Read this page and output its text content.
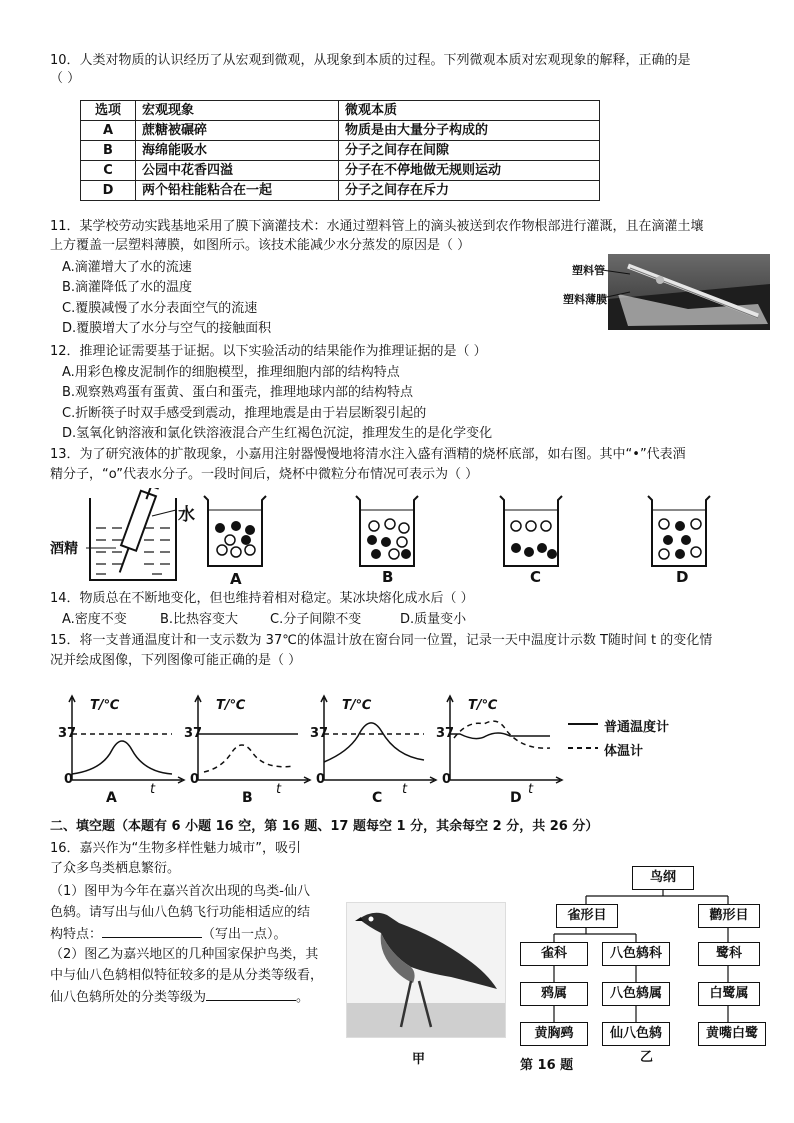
10．人类对物质的认识经历了从宏观到微观，从现象到本质的过程。下列微观本质对宏观现象的解释，正确的是
（ ）
选项	宏观现象	微观本质
A	蔗糖被碾碎	物质是由大量分子构成的
B	海绵能吸水	分子之间存在间隙
C	公园中花香四溢	分子在不停地做无规则运动
D	两个铅柱能粘合在一起	分子之间存在斥力
11．某学校劳动实践基地采用了膜下滴灌技术：水通过塑料管上的滴头被送到农作物根部进行灌溉，且在滴灌土壤
上方覆盖一层塑料薄膜，如图所示。该技术能减少水分蒸发的原因是（ ）
A.滴灌增大了水的流速
B.滴灌降低了水的温度
C.覆膜减慢了水分表面空气的流速
D.覆膜增大了水分与空气的接触面积
塑料管
塑料薄膜
12．推理论证需要基于证据。以下实验活动的结果能作为推理证据的是（ ）
A.用彩色橡皮泥制作的细胞模型，推理细胞内部的结构特点
B.观察熟鸡蛋有蛋黄、蛋白和蛋壳，推理地球内部的结构特点
C.折断筷子时双手感受到震动，推理地震是由于岩层断裂引起的
D.氢氧化钠溶液和氯化铁溶液混合产生红褐色沉淀，推理发生的是化学变化
13．为了研究液体的扩散现象，小嘉用注射器慢慢地将清水注入盛有酒精的烧杯底部，如右图。其中“•”代表酒
精分子，“o”代表水分子。一段时间后，烧杯中微粒分布情况可表示为（ ）
水
酒精
A	B	C	D
14．物质总在不断地变化，但也维持着相对稳定。某冰块熔化成水后（ ）
A.密度不变	B.比热容变大 C.分子间隙不变	D.质量变小
15．将一支普通温度计和一支示数为 37℃的体温计放在窗台同一位置，记录一天中温度计示数 T随时间 t 的变化情
况并绘成图像，下列图像可能正确的是（ ）
T/℃	T/℃	T/℃	T/℃
37	37	37	37
0	0	0	0
t	t	t	t
A	B	C	D
普通温度计
体温计
二、填空题（本题有 6 小题 16 空，第 16 题、17 题每空 1 分，其余每空 2 分，共 26 分）
16．嘉兴作为“生物多样性魅力城市”，吸引
了众多鸟类栖息繁衍。
（1）图甲为今年在嘉兴首次出现的鸟类-仙八
色鸫。请写出与仙八色鸫飞行功能相适应的结
构特点：	（写出一点）。
（2）图乙为嘉兴地区的几种国家保护鸟类，其
中与仙八色鸫相似特征较多的是从分类等级看，
仙八色鸫所处的分类等级为	。
甲
鸟纲
雀形目	鹳形目
雀科	八色鸫科	鹭科
鸦属	八色鸫属	白鹭属
黄胸鹀	仙八色鸫	黄嘴白鹭
第 16 题
乙
